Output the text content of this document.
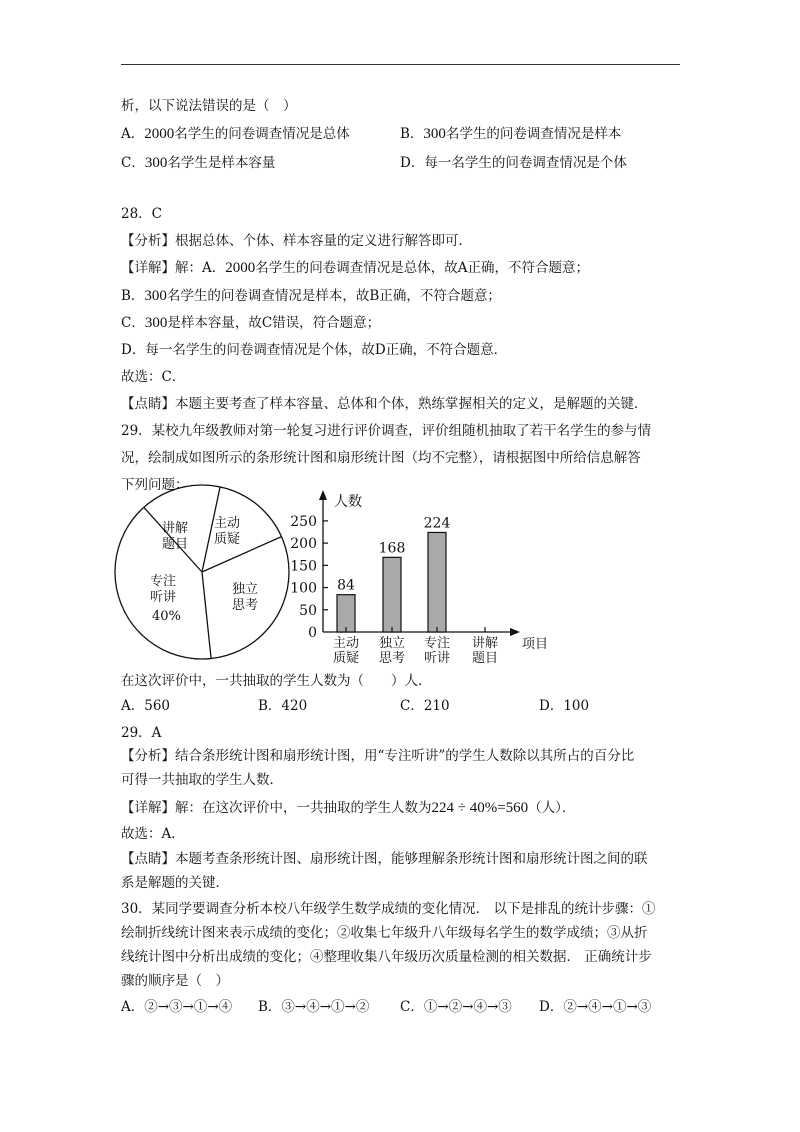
析，以下说法错误的是（　）
A．2000名学生的问卷调查情况是总体	B．300名学生的问卷调查情况是样本
C．300名学生是样本容量	D．每一名学生的问卷调查情况是个体
28．C
【分析】根据总体、个体、样本容量的定义进行解答即可．
【详解】解：A．2000名学生的问卷调查情况是总体，故A正确，不符合题意；
B．300名学生的问卷调查情况是样本，故B正确，不符合题意；
C．300是样本容量，故C错误，符合题意；
D．每一名学生的问卷调查情况是个体，故D正确，不符合题意．
故选：C．
【点睛】本题主要考查了样本容量、总体和个体，熟练掌握相关的定义，是解题的关键．
29．某校九年级教师对第一轮复习进行评价调查，评价组随机抽取了若干名学生的参与情
况，绘制成如图所示的条形统计图和扇形统计图（均不完整），请根据图中所给信息解答
下列问题：
主动
质疑
独立
思考
专注
听讲
40%
讲解
题目
人数
项目
0
50
100
150
200
250
84
168
224
主动
质疑
独立
思考
专注
听讲
讲解
题目
在这次评价中，一共抽取的学生人数为（　　）人．
A．560	B．420	C．210	D．100
29．A
【分析】结合条形统计图和扇形统计图，用“专注听讲”的学生人数除以其所占的百分比
可得一共抽取的学生人数．
【详解】解：在这次评价中，一共抽取的学生人数为224 ÷ 40%=560（人）．
故选：A．
【点睛】本题考查条形统计图、扇形统计图，能够理解条形统计图和扇形统计图之间的联
系是解题的关键．
30．某同学要调查分析本校八年级学生数学成绩的变化情况． 以下是排乱的统计步骤：①
绘制折线统计图来表示成绩的变化；②收集七年级升八年级每名学生的数学成绩；③从折
线统计图中分析出成绩的变化；④整理收集八年级历次质量检测的相关数据． 正确统计步
骤的顺序是（　）
A．②→③→①→④ B．③→④→①→② C．①→②→④→③ D．②→④→①→③
